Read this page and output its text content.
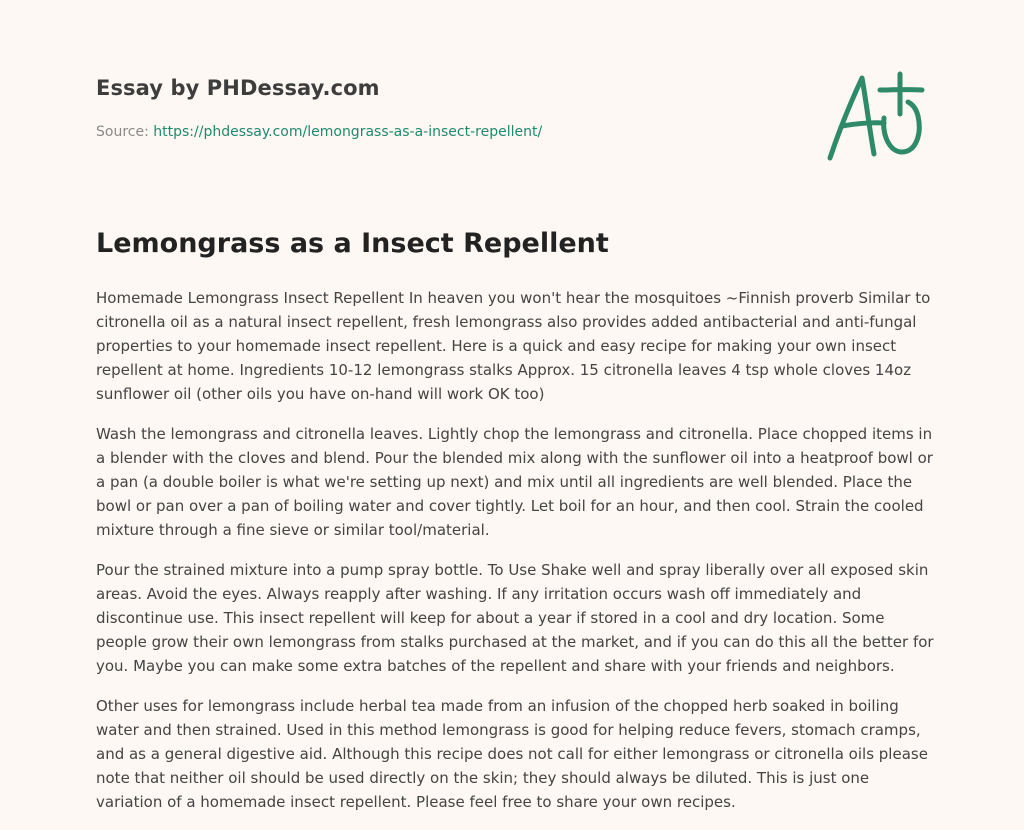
Essay by PHDessay.com
Source: https://phdessay.com/lemongrass-as-a-insect-repellent/
Lemongrass as a Insect Repellent

Homemade Lemongrass Insect Repellent In heaven you won't hear the mosquitoes ~Finnish proverb Similar to citronella oil as a natural insect repellent, fresh lemongrass also provides added antibacterial and anti-fungal properties to your homemade insect repellent. Here is a quick and easy recipe for making your own insect repellent at home. Ingredients 10-12 lemongrass stalks Approx. 15 citronella leaves 4 tsp whole cloves 14oz sunflower oil (other oils you have on-hand will work OK too)

Wash the lemongrass and citronella leaves. Lightly chop the lemongrass and citronella. Place chopped items in a blender with the cloves and blend. Pour the blended mix along with the sunflower oil into a heatproof bowl or a pan (a double boiler is what we're setting up next) and mix until all ingredients are well blended. Place the bowl or pan over a pan of boiling water and cover tightly. Let boil for an hour, and then cool. Strain the cooled mixture through a fine sieve or similar tool/material.

Pour the strained mixture into a pump spray bottle. To Use Shake well and spray liberally over all exposed skin areas. Avoid the eyes. Always reapply after washing. If any irritation occurs wash off immediately and discontinue use. This insect repellent will keep for about a year if stored in a cool and dry location. Some people grow their own lemongrass from stalks purchased at the market, and if you can do this all the better for you. Maybe you can make some extra batches of the repellent and share with your friends and neighbors.

Other uses for lemongrass include herbal tea made from an infusion of the chopped herb soaked in boiling water and then strained. Used in this method lemongrass is good for helping reduce fevers, stomach cramps, and as a general digestive aid. Although this recipe does not call for either lemongrass or citronella oils please note that neither oil should be used directly on the skin; they should always be diluted. This is just one variation of a homemade insect repellent. Please feel free to share your own recipes.
